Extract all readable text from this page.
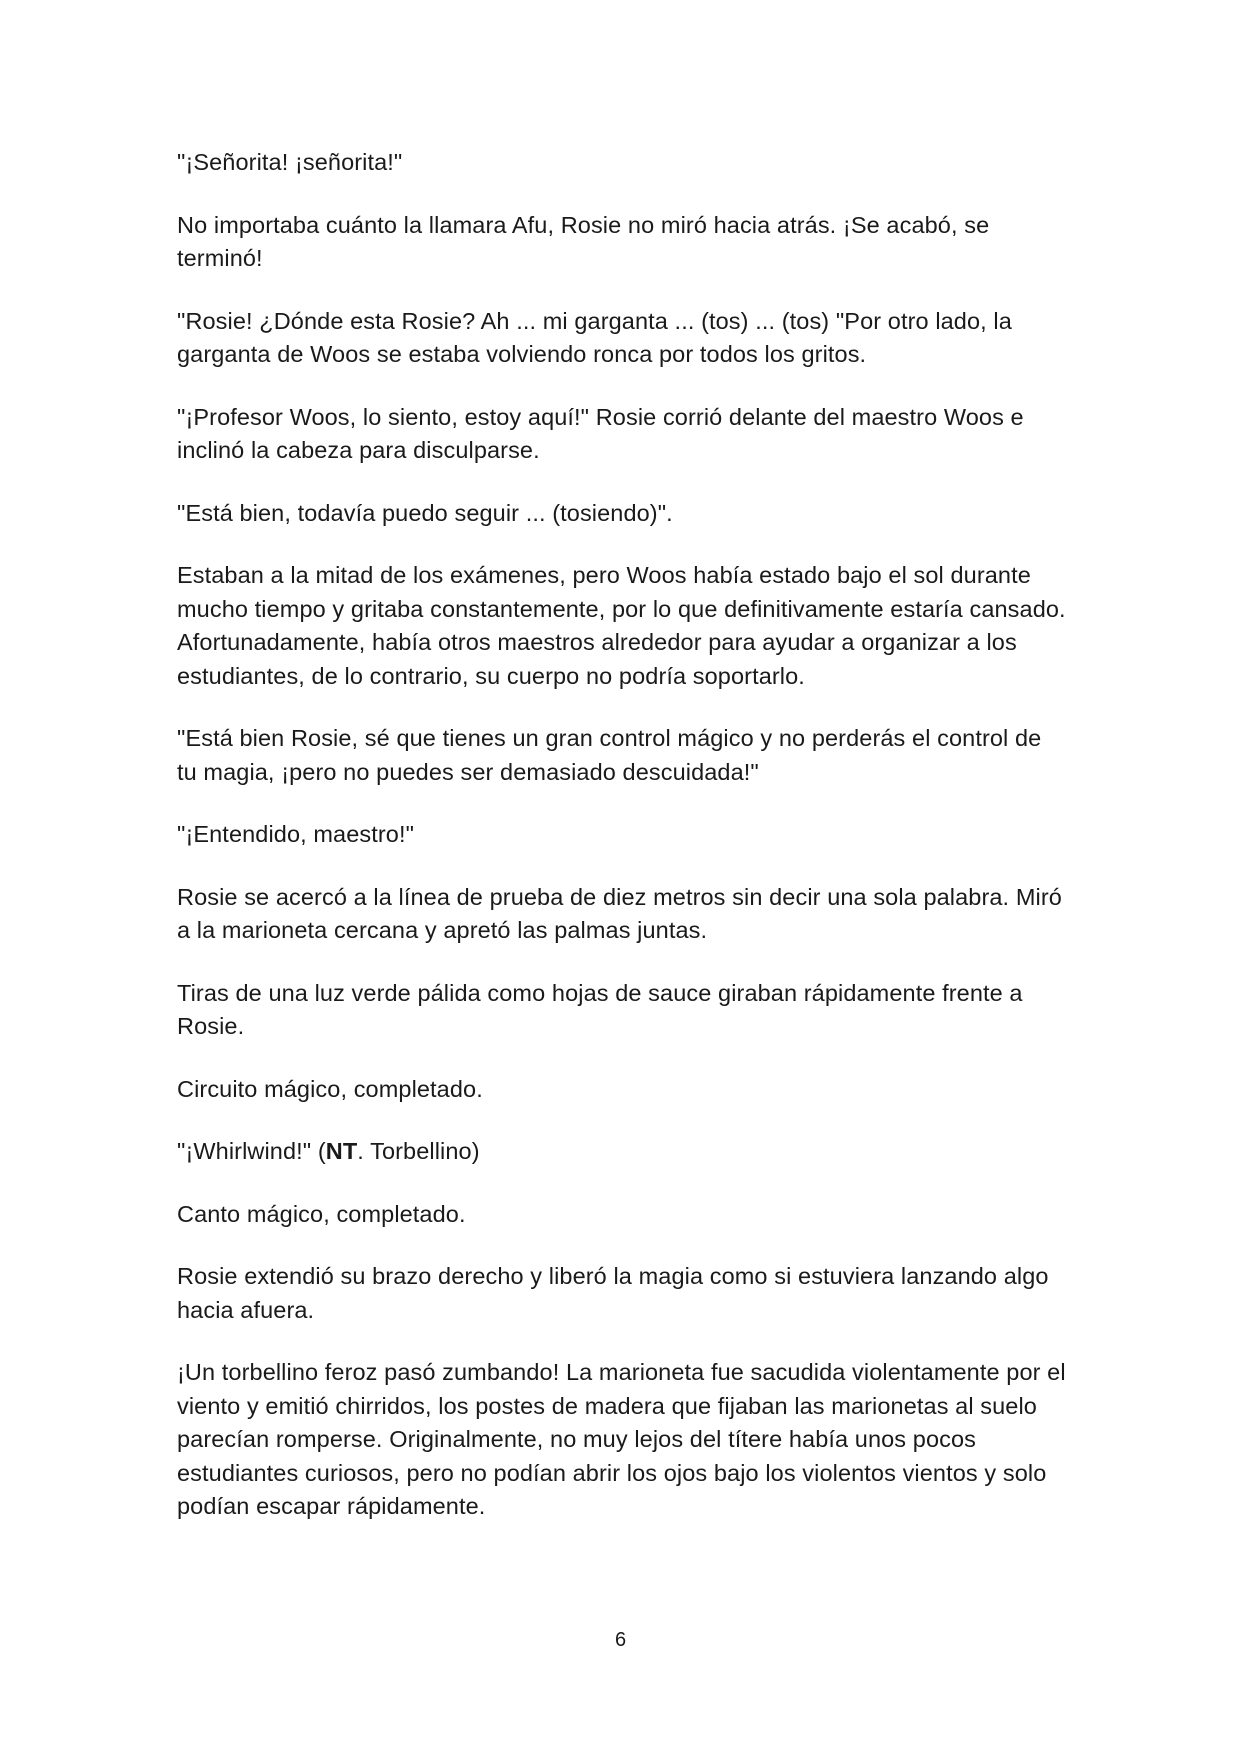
"¡Señorita! ¡señorita!"

No importaba cuánto la llamara Afu, Rosie no miró hacia atrás. ¡Se acabó, se terminó!

"Rosie! ¿Dónde esta Rosie? Ah ... mi garganta ... (tos) ... (tos) "Por otro lado, la garganta de Woos se estaba volviendo ronca por todos los gritos.

"¡Profesor Woos, lo siento, estoy aquí!" Rosie corrió delante del maestro Woos e inclinó la cabeza para disculparse.

"Está bien, todavía puedo seguir ... (tosiendo)".

Estaban a la mitad de los exámenes, pero Woos había estado bajo el sol durante mucho tiempo y gritaba constantemente, por lo que definitivamente estaría cansado. Afortunadamente, había otros maestros alrededor para ayudar a organizar a los estudiantes, de lo contrario, su cuerpo no podría soportarlo.

"Está bien Rosie, sé que tienes un gran control mágico y no perderás el control de tu magia, ¡pero no puedes ser demasiado descuidada!"

"¡Entendido, maestro!"

Rosie se acercó a la línea de prueba de diez metros sin decir una sola palabra. Miró a la marioneta cercana y apretó las palmas juntas.

Tiras de una luz verde pálida como hojas de sauce giraban rápidamente frente a Rosie.

Circuito mágico, completado.

"¡Whirlwind!" (NT. Torbellino)

Canto mágico, completado.

Rosie extendió su brazo derecho y liberó la magia como si estuviera lanzando algo hacia afuera.

¡Un torbellino feroz pasó zumbando! La marioneta fue sacudida violentamente por el viento y emitió chirridos, los postes de madera que fijaban las marionetas al suelo parecían romperse. Originalmente, no muy lejos del títere había unos pocos estudiantes curiosos, pero no podían abrir los ojos bajo los violentos vientos y solo podían escapar rápidamente.

6
